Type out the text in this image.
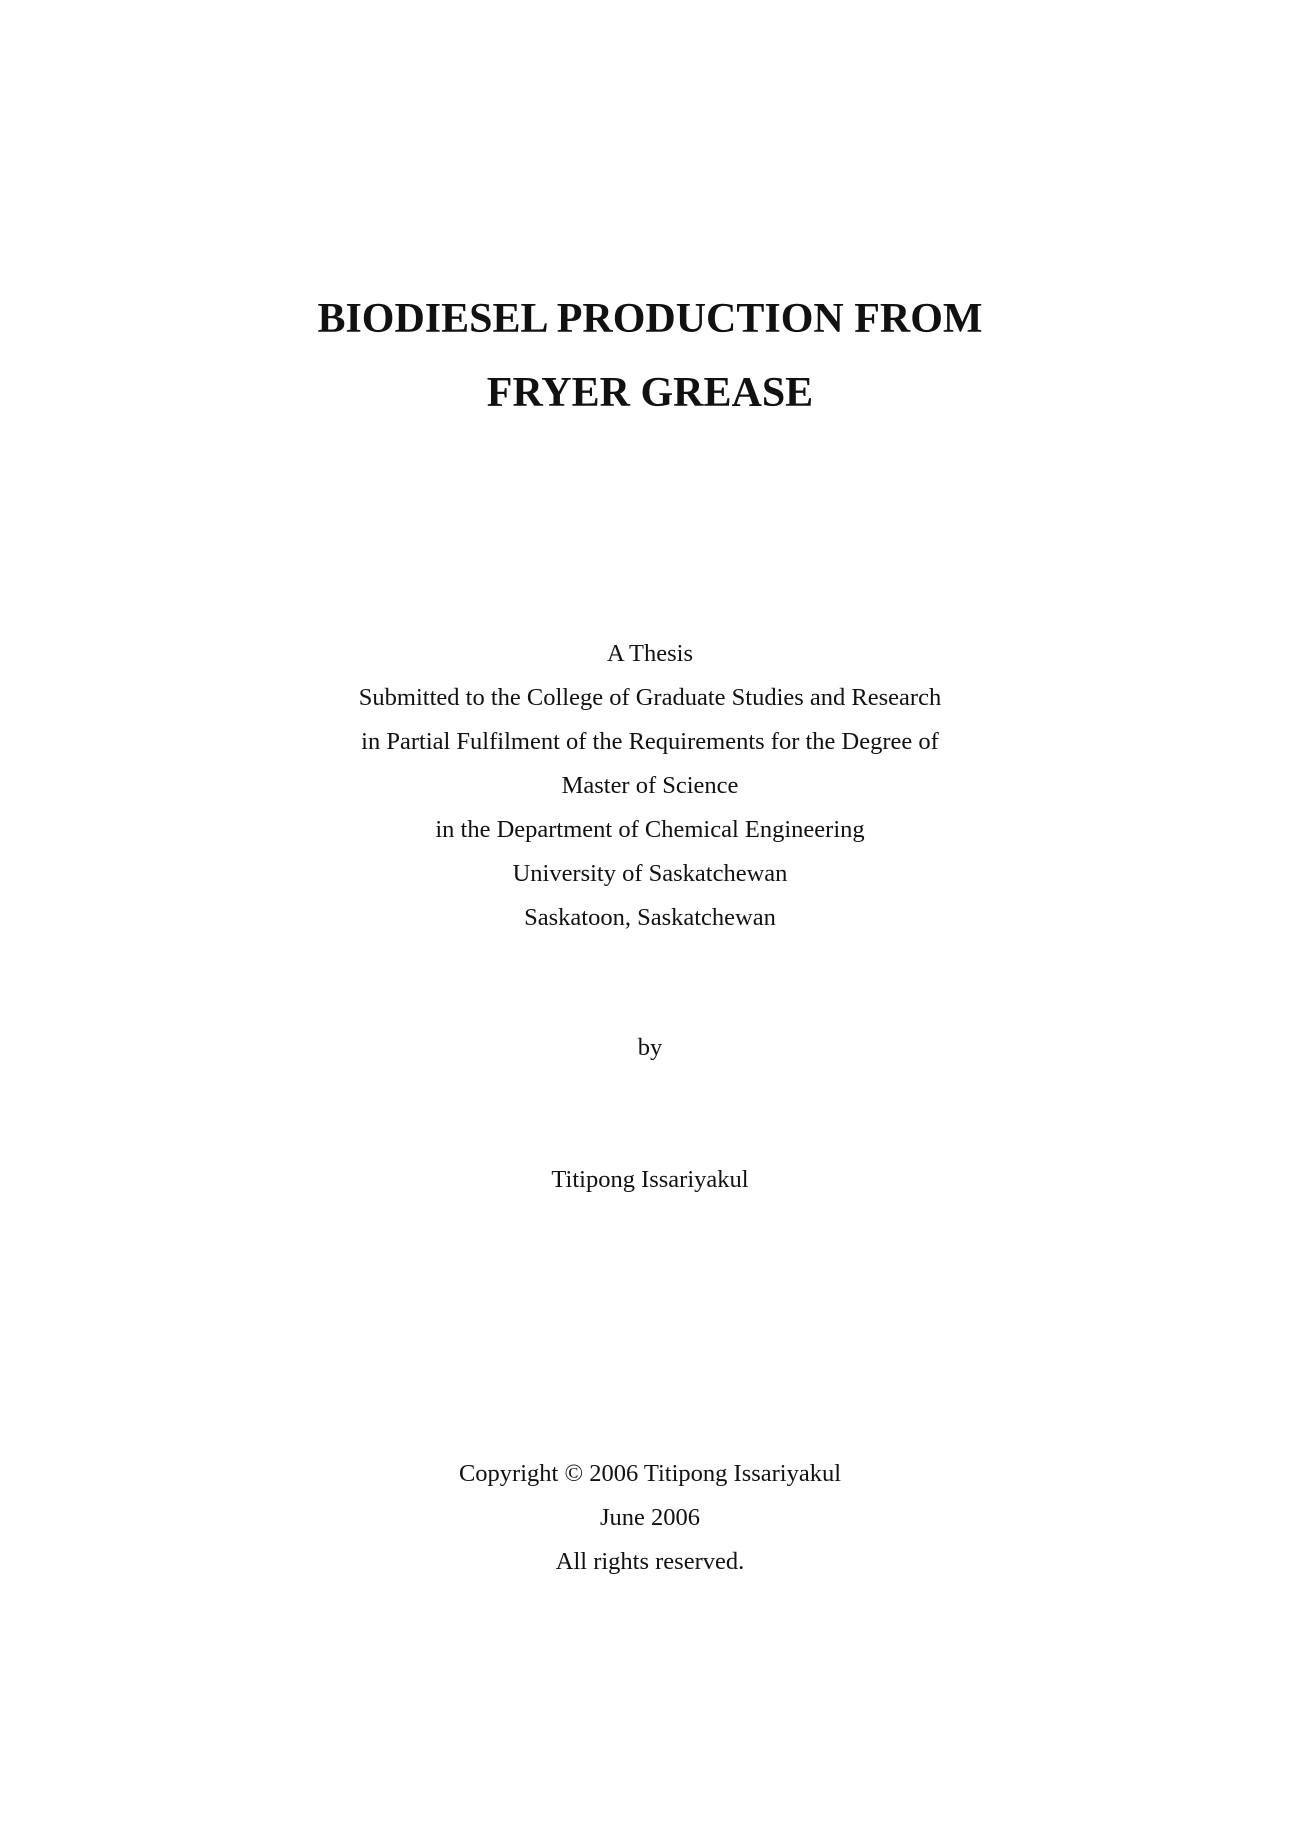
BIODIESEL PRODUCTION FROM
FRYER GREASE
A Thesis
Submitted to the College of Graduate Studies and Research
in Partial Fulfilment of the Requirements for the Degree of
Master of Science
in the Department of Chemical Engineering
University of Saskatchewan
Saskatoon, Saskatchewan
by
Titipong Issariyakul
Copyright © 2006 Titipong Issariyakul
June 2006
All rights reserved.
